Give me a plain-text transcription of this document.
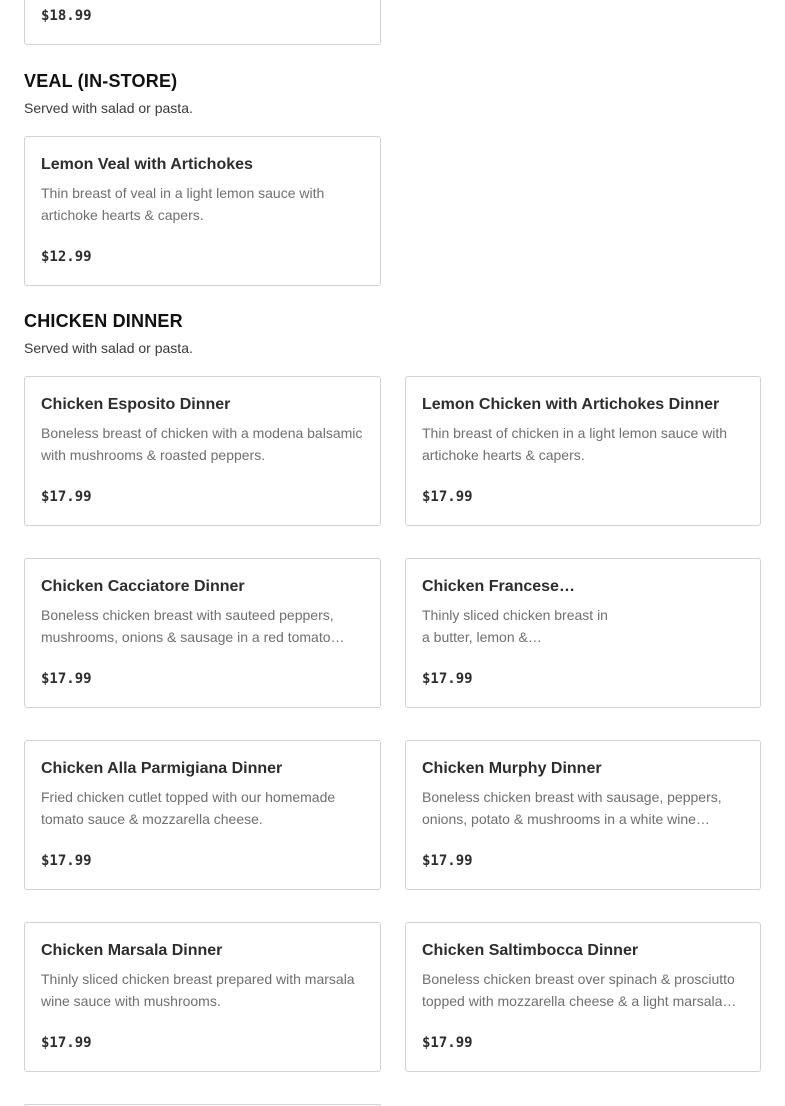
$18.99
VEAL (IN-STORE)
Served with salad or pasta.
Lemon Veal with Artichokes
Thin breast of veal in a light lemon sauce with artichoke hearts & capers.
$12.99
CHICKEN DINNER
Served with salad or pasta.
Chicken Esposito Dinner
Boneless breast of chicken with a modena balsamic with mushrooms & roasted peppers.
$17.99
Lemon Chicken with Artichokes Dinner
Thin breast of chicken in a light lemon sauce with artichoke hearts & capers.
$17.99
Chicken Cacciatore Dinner
Boneless chicken breast with sauteed peppers, mushrooms, onions & sausage in a red tomato…
$17.99
Chicken Francese…
Thinly sliced chicken breast in a butter, lemon &…
$17.99
Chicken Alla Parmigiana Dinner
Fried chicken cutlet topped with our homemade tomato sauce & mozzarella cheese.
$17.99
Chicken Murphy Dinner
Boneless chicken breast with sausage, peppers, onions, potato & mushrooms in a white wine…
$17.99
Chicken Marsala Dinner
Thinly sliced chicken breast prepared with marsala wine sauce with mushrooms.
$17.99
Chicken Saltimbocca Dinner
Boneless chicken breast over spinach & prosciutto topped with mozzarella cheese & a light marsala…
$17.99
